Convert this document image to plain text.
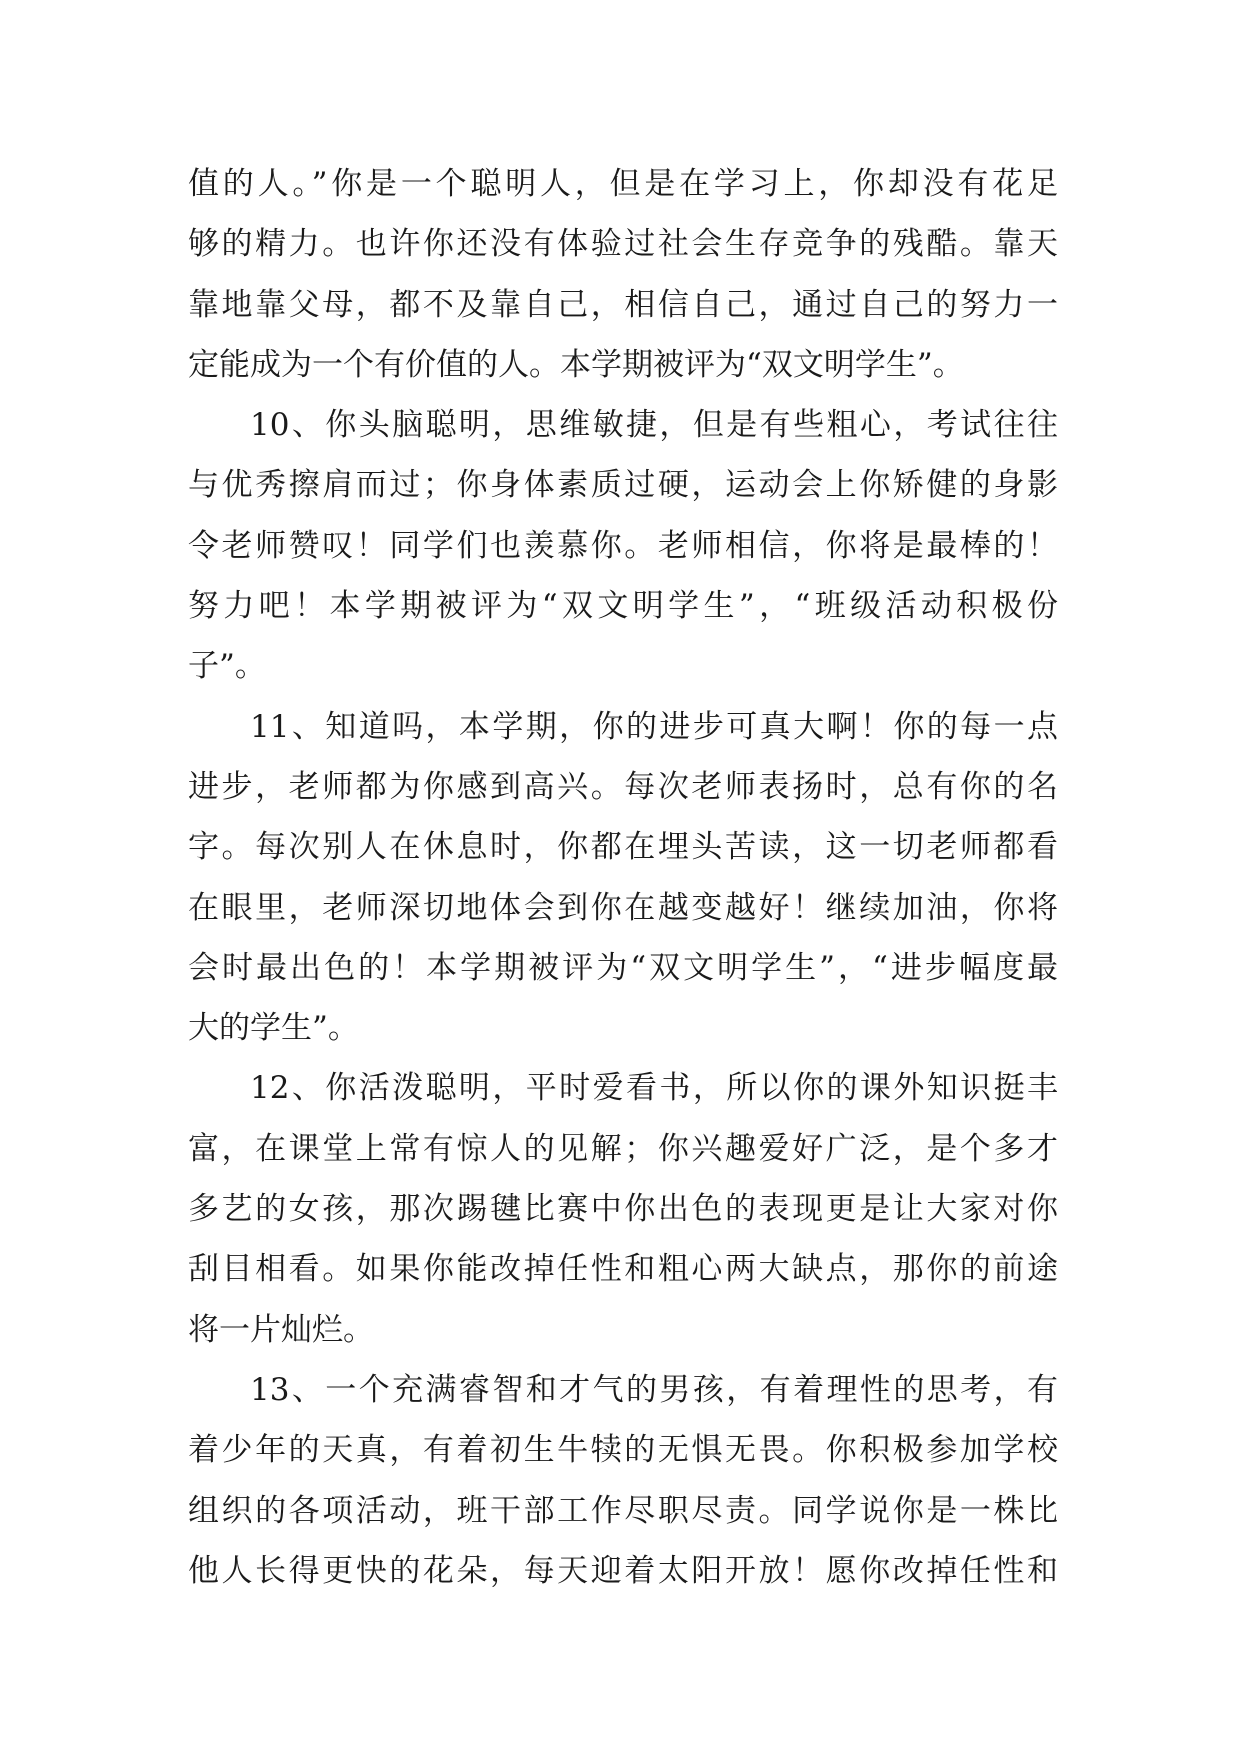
值的人。”你是一个聪明人，但是在学习上，你却没有花足
够的精力。也许你还没有体验过社会生存竞争的残酷。靠天
靠地靠父母，都不及靠自己，相信自己，通过自己的努力一
定能成为一个有价值的人。本学期被评为“双文明学生”。
10、你头脑聪明，思维敏捷，但是有些粗心，考试往往
与优秀擦肩而过；你身体素质过硬，运动会上你矫健的身影
令老师赞叹！同学们也羡慕你。老师相信，你将是最棒的！
努力吧！本学期被评为“双文明学生”，“班级活动积极份
子”。
11、知道吗，本学期，你的进步可真大啊！你的每一点
进步，老师都为你感到高兴。每次老师表扬时，总有你的名
字。每次别人在休息时，你都在埋头苦读，这一切老师都看
在眼里，老师深切地体会到你在越变越好！继续加油，你将
会时最出色的！本学期被评为“双文明学生”，“进步幅度最
大的学生”。
12、你活泼聪明，平时爱看书，所以你的课外知识挺丰
富，在课堂上常有惊人的见解；你兴趣爱好广泛，是个多才
多艺的女孩，那次踢毽比赛中你出色的表现更是让大家对你
刮目相看。如果你能改掉任性和粗心两大缺点，那你的前途
将一片灿烂。
13、一个充满睿智和才气的男孩，有着理性的思考，有
着少年的天真，有着初生牛犊的无惧无畏。你积极参加学校
组织的各项活动，班干部工作尽职尽责。同学说你是一株比
他人长得更快的花朵，每天迎着太阳开放！愿你改掉任性和
